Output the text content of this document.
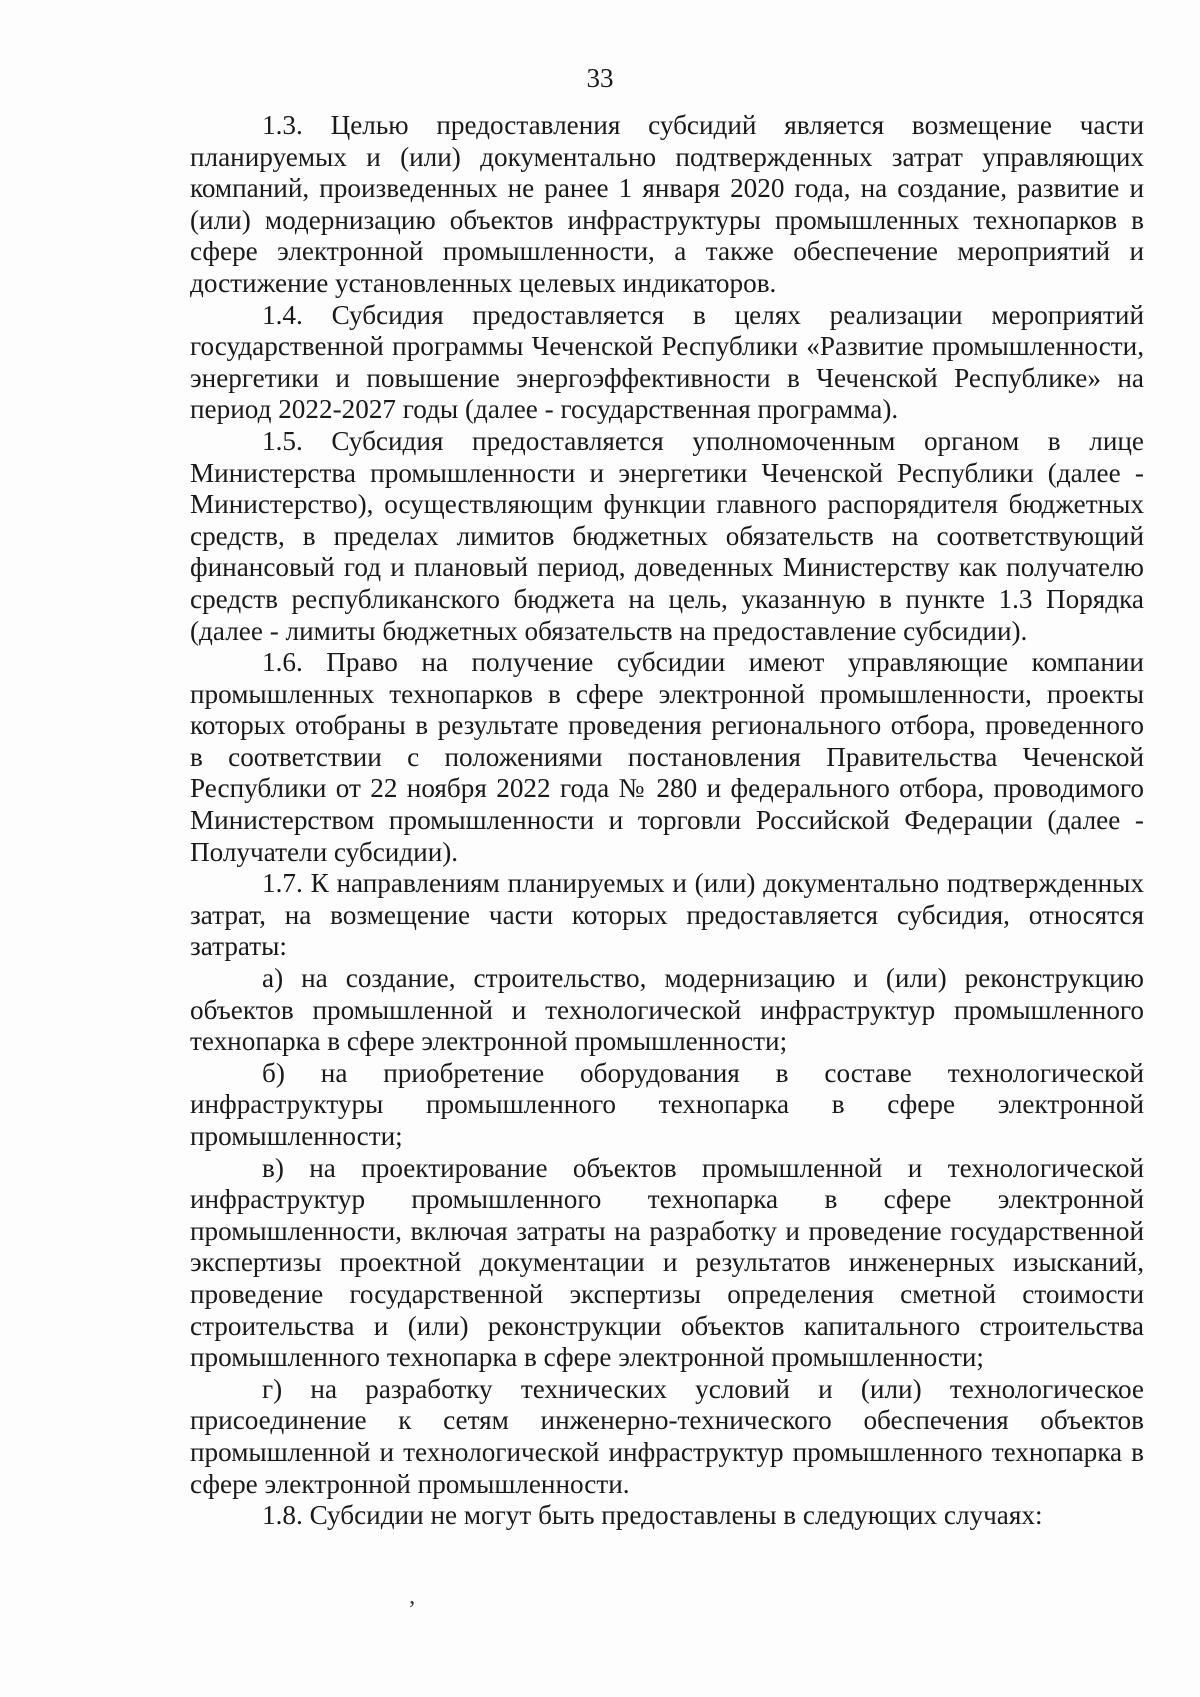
33

1.3. Целью предоставления субсидий является возмещение части планируемых и (или) документально подтвержденных затрат управляющих компаний, произведенных не ранее 1 января 2020 года, на создание, развитие и (или) модернизацию объектов инфраструктуры промышленных технопарков в сфере электронной промышленности, а также обеспечение мероприятий и достижение установленных целевых индикаторов.

1.4. Субсидия предоставляется в целях реализации мероприятий государственной программы Чеченской Республики «Развитие промышленности, энергетики и повышение энергоэффективности в Чеченской Республике» на период 2022-2027 годы (далее - государственная программа).

1.5. Субсидия предоставляется уполномоченным органом в лице Министерства промышленности и энергетики Чеченской Республики (далее - Министерство), осуществляющим функции главного распорядителя бюджетных средств, в пределах лимитов бюджетных обязательств на соответствующий финансовый год и плановый период, доведенных Министерству как получателю средств республиканского бюджета на цель, указанную в пункте 1.3 Порядка (далее - лимиты бюджетных обязательств на предоставление субсидии).

1.6. Право на получение субсидии имеют управляющие компании промышленных технопарков в сфере электронной промышленности, проекты которых отобраны в результате проведения регионального отбора, проведенного в соответствии с положениями постановления Правительства Чеченской Республики от 22 ноября 2022 года № 280 и федерального отбора, проводимого Министерством промышленности и торговли Российской Федерации (далее - Получатели субсидии).

1.7. К направлениям планируемых и (или) документально подтвержденных затрат, на возмещение части которых предоставляется субсидия, относятся затраты:

а) на создание, строительство, модернизацию и (или) реконструкцию объектов промышленной и технологической инфраструктур промышленного технопарка в сфере электронной промышленности;

б) на приобретение оборудования в составе технологической инфраструктуры промышленного технопарка в сфере электронной промышленности;

в) на проектирование объектов промышленной и технологической инфраструктур промышленного технопарка в сфере электронной промышленности, включая затраты на разработку и проведение государственной экспертизы проектной документации и результатов инженерных изысканий, проведение государственной экспертизы определения сметной стоимости строительства и (или) реконструкции объектов капитального строительства промышленного технопарка в сфере электронной промышленности;

г) на разработку технических условий и (или) технологическое присоединение к сетям инженерно-технического обеспечения объектов промышленной и технологической инфраструктур промышленного технопарка в сфере электронной промышленности.

1.8. Субсидии не могут быть предоставлены в следующих случаях:

’
